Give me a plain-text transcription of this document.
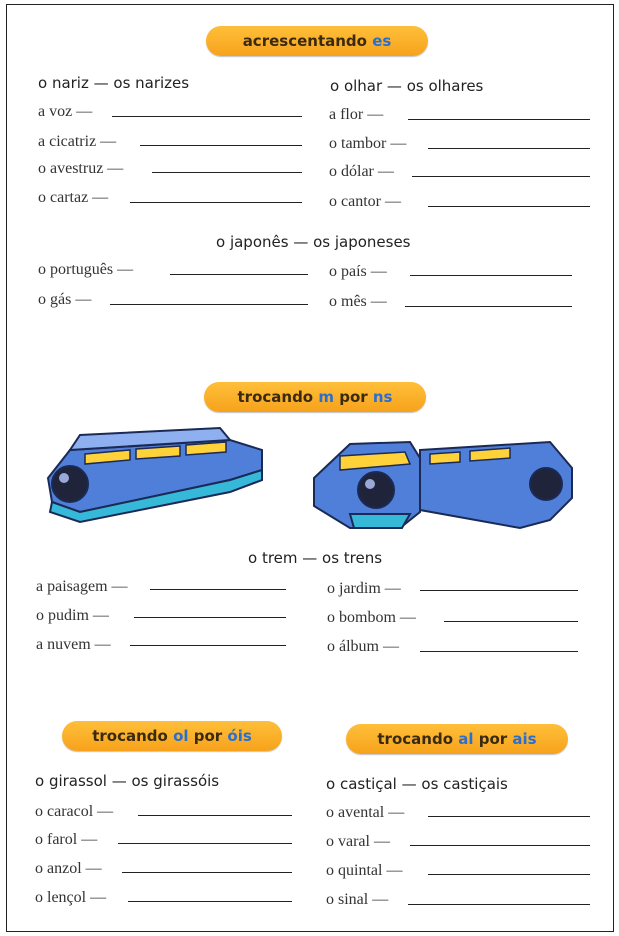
acrescentando es
o nariz — os narizes	o olhar — os olhares
a voz —
a cicatriz —
o avestruz —
o cartaz —
a flor —
o tambor —
o dólar —
o cantor —
o japonês — os japoneses
o português —
o gás —
o país —
o mês —
trocando m por ns
o trem — os trens
a paisagem —
o pudim —
a nuvem —
o jardim —
o bombom —
o álbum —
trocando ol por óis
o girassol — os girassóis
o caracol —
o farol —
o anzol —
o lençol —
trocando al por ais
o castiçal — os castiçais
o avental —
o varal —
o quintal —
o sinal —
